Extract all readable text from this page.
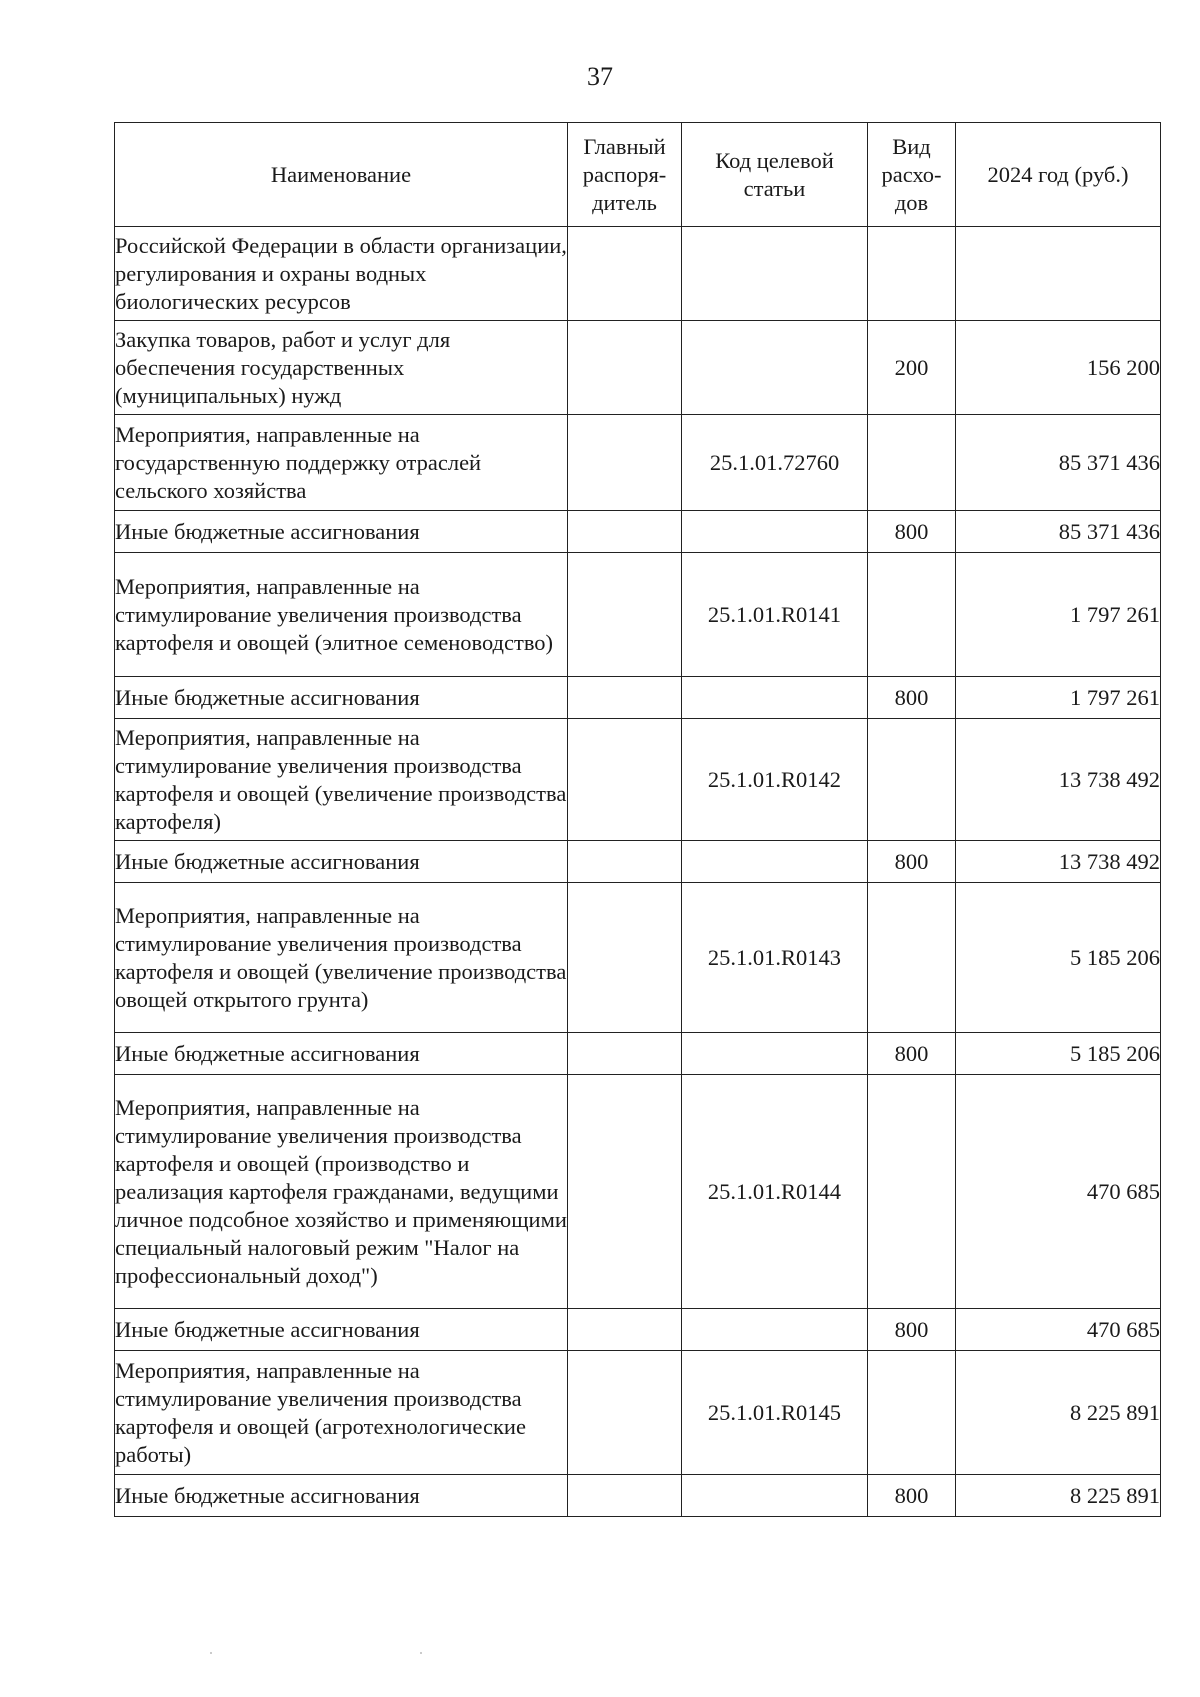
37
Наименование	Главный распоря-дитель	Код целевой статьи	Вид расхо-дов	2024 год (руб.)
Российской Федерации в области организации, регулирования и охраны водных биологических ресурсов				
Закупка товаров, работ и услуг для обеспечения государственных (муниципальных) нужд			200	156 200
Мероприятия, направленные на государственную поддержку отраслей сельского хозяйства		25.1.01.72760		85 371 436
Иные бюджетные ассигнования			800	85 371 436
Мероприятия, направленные на стимулирование увеличения производства картофеля и овощей (элитное семеноводство)		25.1.01.R0141		1 797 261
Иные бюджетные ассигнования			800	1 797 261
Мероприятия, направленные на стимулирование увеличения производства картофеля и овощей (увеличение производства картофеля)		25.1.01.R0142		13 738 492
Иные бюджетные ассигнования			800	13 738 492
Мероприятия, направленные на стимулирование увеличения производства картофеля и овощей (увеличение производства овощей открытого грунта)		25.1.01.R0143		5 185 206
Иные бюджетные ассигнования			800	5 185 206
Мероприятия, направленные на стимулирование увеличения производства картофеля и овощей (производство и реализация картофеля гражданами, ведущими личное подсобное хозяйство и применяющими специальный налоговый режим "Налог на профессиональный доход")		25.1.01.R0144		470 685
Иные бюджетные ассигнования			800	470 685
Мероприятия, направленные на стимулирование увеличения производства картофеля и овощей (агротехнологические работы)		25.1.01.R0145		8 225 891
Иные бюджетные ассигнования			800	8 225 891
